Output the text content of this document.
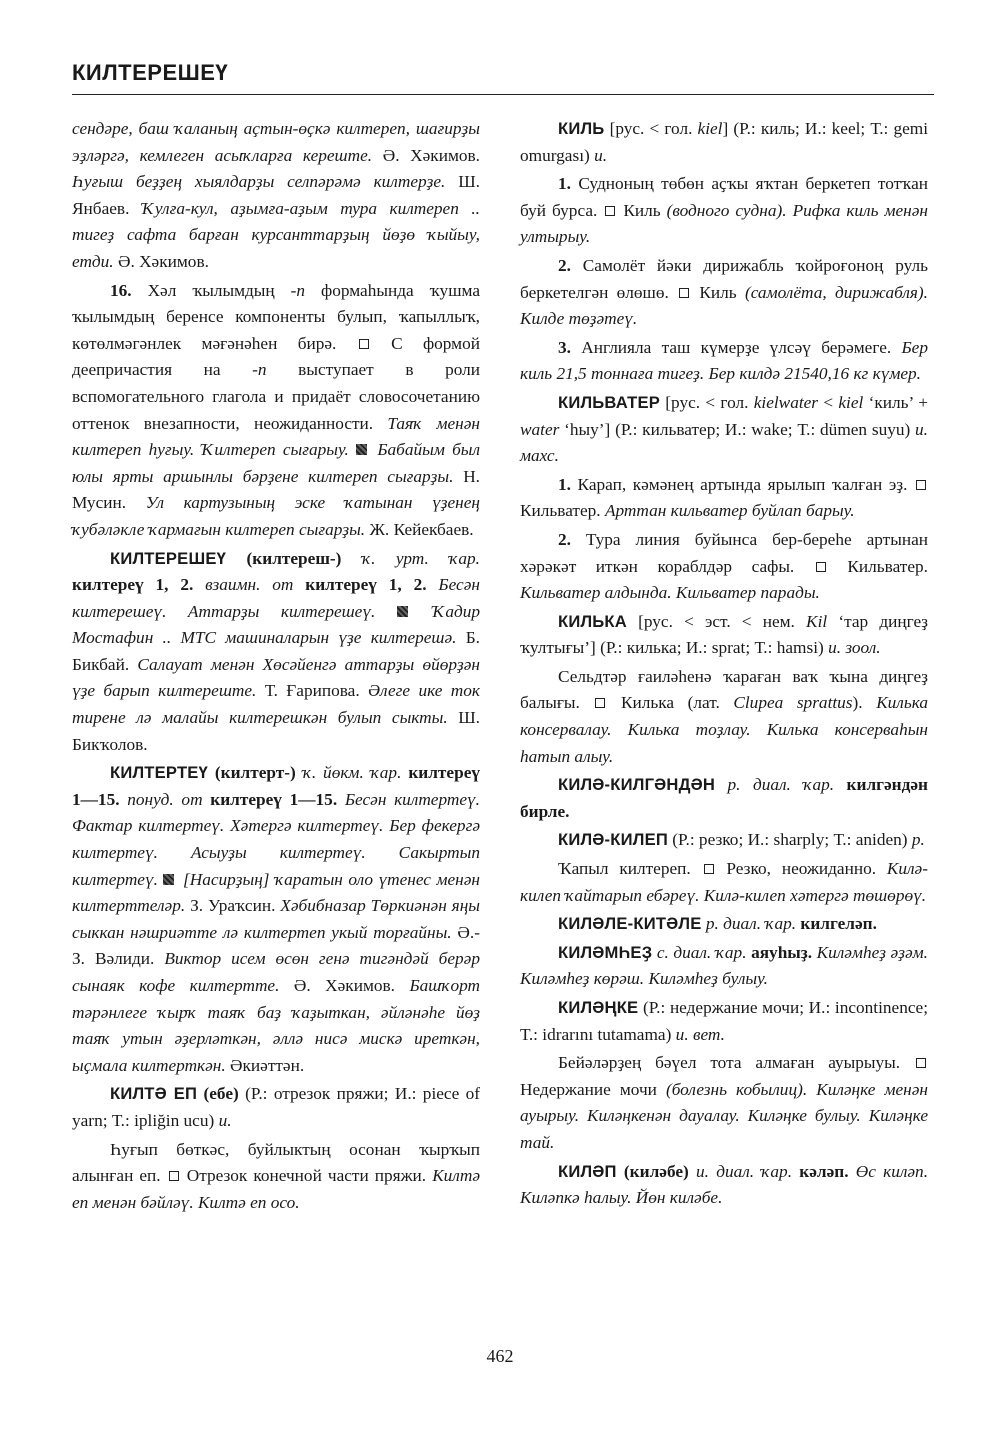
КИЛТЕРЕШЕҮ

сендәре, баш ҡаланың аҫтын-өҫкә килтереп, шағирҙы эҙләргә, кемлеген асыҡларға кереште. Ә. Хәкимов. Һуғыш беҙҙең хыялдарҙы селпәрәмә килтерҙе. Ш. Янбаев. Ҡулға-кул, аҙымға-аҙым тура килтереп .. тигеҙ сафта барған курсанттарҙың йөҙө ҡыйыу, етди. Ә. Хәкимов.

16. Хәл ҡылымдың -п формаһында ҡушма ҡылымдың беренсе компоненты булып, ҡапыллыҡ, көтөлмәгәнлек мәғәнәһен бирә.  С формой деепричастия на -п выступает в роли вспомогательного глагола и придаёт словосочетанию оттенок внезапности, неожиданности. Таяҡ менән килтереп һуғыу. Ҡилтереп сығарыу.  Бабайым был юлы ярты аршынлы бәрҙене килтереп сығарҙы. Н. Мусин. Ул картузының эске ҡатынан үҙенең ҡубәләкле ҡармағын килтереп сығарҙы. Ж. Кейекбаев.

КИЛТЕРЕШЕҮ (килтереш-) ҡ. урт. ҡар. килтереү 1, 2. взаимн. от килтереү 1, 2. Бесән килтерешеү. Аттарҙы килтерешеү.  Ҡадир Мостафин .. МТС машиналарын үҙе килтерешә. Б. Бикбай. Салауат менән Хөсәйенгә аттарҙы өйөрҙән үҙе барып килтереште. Т. Ғарипова. Әлеге ике ток тирене лә малайы килтерешкән булып сыкты. Ш. Бикҡолов.

КИЛТЕРТЕҮ (килтерт-) ҡ. йөкм. ҡар. килтереү 1—15. понуд. от килтереү 1—15. Бесән килтертеү. Фактар килтертеү. Хәтергә килтертеү. Бер фекергә килтертеү. Асыуҙы килтертеү. Сакыртып килтертеү.  [Насирҙың] ҡаратын оло үтенес менән килтерттеләр. З. Ураҡсин. Хәбибназар Төркиәнән яңы сыккан нәшриәтте лә килтертеп укый торғайны. Ә.-З. Вәлиди. Виктор исем өсөн генә тигәндәй берәр сынаяк кофе килтертте. Ә. Хәкимов. Башҡорт тәрәнлеге ҡырҡ таяҡ баҙ ҡаҙыткан, әйләнәһе йөҙ таяҡ утын әҙерләткән, әллә нисә мискә иреткән, ыҫмала килтерткән. Әкиәттән.

КИЛТӘ ЕП (ебе) (Р.: отрезок пряжи; И.: piece of yarn; Т.: ipliğin ucu) и.

Һуғып бөткәс, буйлыктың осонан ҡырҡып алынған еп.  Отрезок конечной части пряжи. Килтә еп менән бәйләү. Килтә еп осо.

КИЛЬ [рус. < гол. kiel] (Р.: киль; И.: keel; Т.: gemi omurgası) и.

1. Судноның төбөн аҫҡы яҡтан беркетеп тотҡан буй бурса.  Киль (водного судна). Рифка киль менән ултырыу.

2. Самолёт йәки дирижабль ҡойроғоноң руль беркетелгән өлөшө.  Киль (самолёта, дирижабля). Килде төҙәтеү.

3. Англияла таш күмерҙе үлсәү берәмеге. Бер киль 21,5 тоннаға тигеҙ. Бер килдә 21540,16 кг күмер.

КИЛЬВАТЕР [рус. < гол. kielwater < kiel ‘киль’ + water ‘һыу’] (Р.: кильватер; И.: wake; Т.: dümen suyu) и. махс.

1. Карап, кәмәнең артында ярылып ҡалған эҙ.  Кильватер. Арттан кильватер буйлап барыу.

2. Тура линия буйынса бер-береһе артынан хәрәкәт иткән кораблдәр сафы.  Кильватер. Кильватер алдында. Кильватер парады.

КИЛЬКА [рус. < эст. < нем. Kil ‘тар диңгеҙ ҡултығы’] (Р.: килька; И.: sprat; Т.: hamsi) и. зоол.

Сельдтәр ғаиләһенә ҡараған ваҡ ҡына диңгеҙ балығы.  Килька (лат. Clupea sprattus). Килька консервалау. Килька тоҙлау. Килька консерваһын һатып алыу.

КИЛӘ-КИЛГӘНДӘН р. диал. ҡар. килгәндән бирле.

КИЛӘ-КИЛЕП (Р.: резко; И.: sharply; Т.: aniden) р.

Ҡапыл килтереп.  Резко, неожиданно. Килә-килеп ҡайтарып ебәреү. Килә-килеп хәтергә төшөрөү.

КИЛӘЛЕ-КИТӘЛЕ р. диал. ҡар. килгеләп.

КИЛӘМҺЕҘ с. диал. ҡар. аяуһыҙ. Киләмһеҙ әҙәм. Киләмһеҙ көрәш. Киләмһеҙ булыу.

КИЛӘҢКЕ (Р.: недержание мочи; И.: incontinence; Т.: idrarını tutamama) и. вет.

Бейәләрҙең бәүел тота алмаған ауырыуы.  Недержание мочи (болезнь кобылиц). Киләңке менән ауырыу. Киләңкенән дауалау. Киләңке булыу. Киләңке тай.

КИЛӘП (киләбе) и. диал. ҡар. кәләп. Өс киләп. Киләпкә һалыу. Йөн киләбе.

462
